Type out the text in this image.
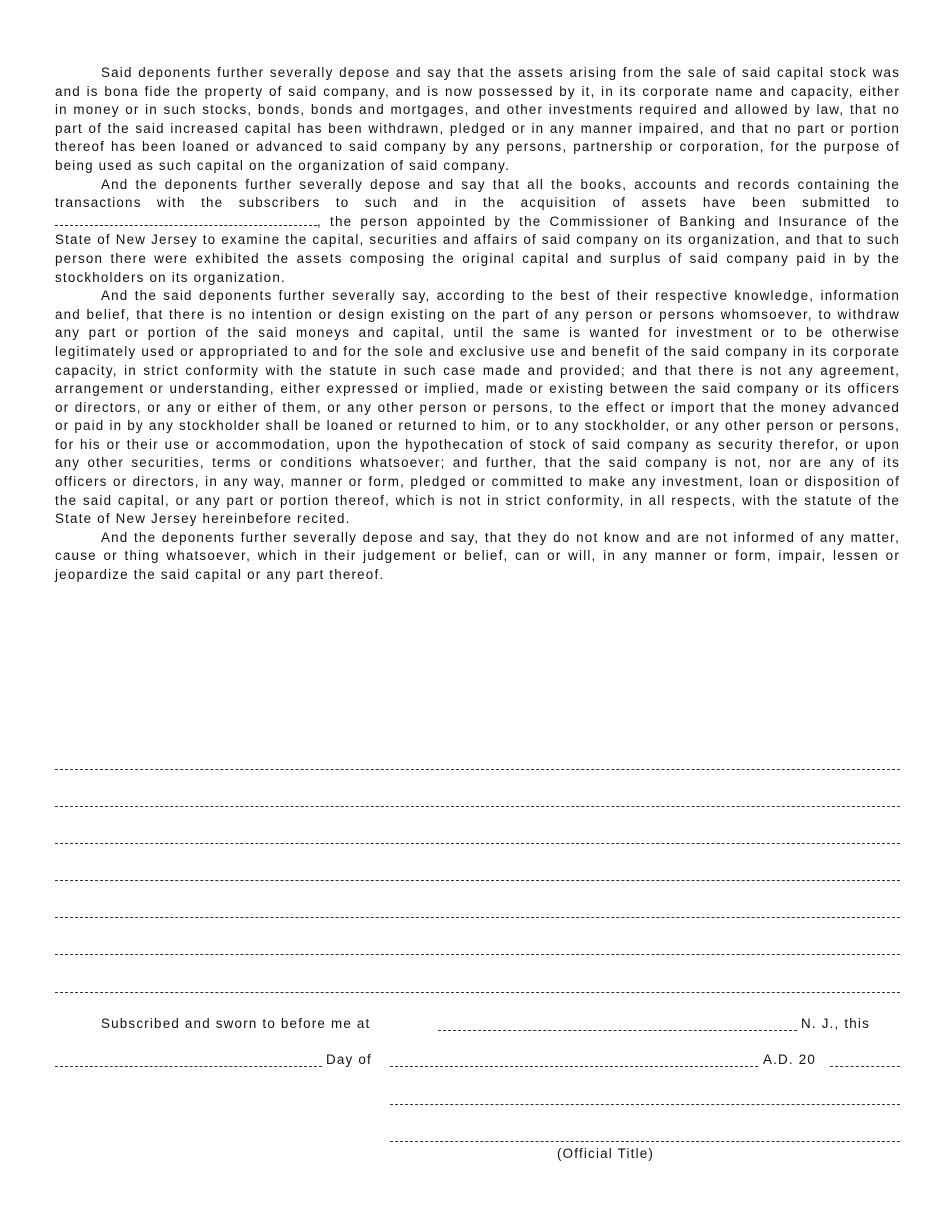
Said deponents further severally depose and say that the assets arising from the sale of said capital stock was and is bona fide the property of said company, and is now possessed by it, in its corporate name and capacity, either in money or in such stocks, bonds, bonds and mortgages, and other investments required and allowed by law, that no part of the said increased capital has been withdrawn, pledged or in any manner impaired, and that no part or portion thereof has been loaned or advanced to said company by any persons, partnership or corporation, for the purpose of being used as such capital on the organization of said company.

And the deponents further severally depose and say that all the books, accounts and records containing the transactions with the subscribers to such and in the acquisition of assets have been submitted to , the person appointed by the Commissioner of Banking and Insurance of the State of New Jersey to examine the capital, securities and affairs of said company on its organization, and that to such person there were exhibited the assets composing the original capital and surplus of said company paid in by the stockholders on its organization.

And the said deponents further severally say, according to the best of their respective knowledge, information and belief, that there is no intention or design existing on the part of any person or persons whomsoever, to withdraw any part or portion of the said moneys and capital, until the same is wanted for investment or to be otherwise legitimately used or appropriated to and for the sole and exclusive use and benefit of the said company in its corporate capacity, in strict conformity with the statute in such case made and provided; and that there is not any agreement, arrangement or understanding, either expressed or implied, made or existing between the said company or its officers or directors, or any or either of them, or any other person or persons, to the effect or import that the money advanced or paid in by any stockholder shall be loaned or returned to him, or to any stockholder, or any other person or persons, for his or their use or accommodation, upon the hypothecation of stock of said company as security therefor, or upon any other securities, terms or conditions whatsoever; and further, that the said company is not, nor are any of its officers or directors, in any way, manner or form, pledged or committed to make any investment, loan or disposition of the said capital, or any part or portion thereof, which is not in strict conformity, in all respects, with the statute of the State of New Jersey hereinbefore recited.

And the deponents further severally depose and say, that they do not know and are not informed of any matter, cause or thing whatsoever, which in their judgement or belief, can or will, in any manner or form, impair, lessen or jeopardize the said capital or any part thereof.

Subscribed and sworn to before me at	N. J., this
Day of	A.D. 20
(Official Title)
